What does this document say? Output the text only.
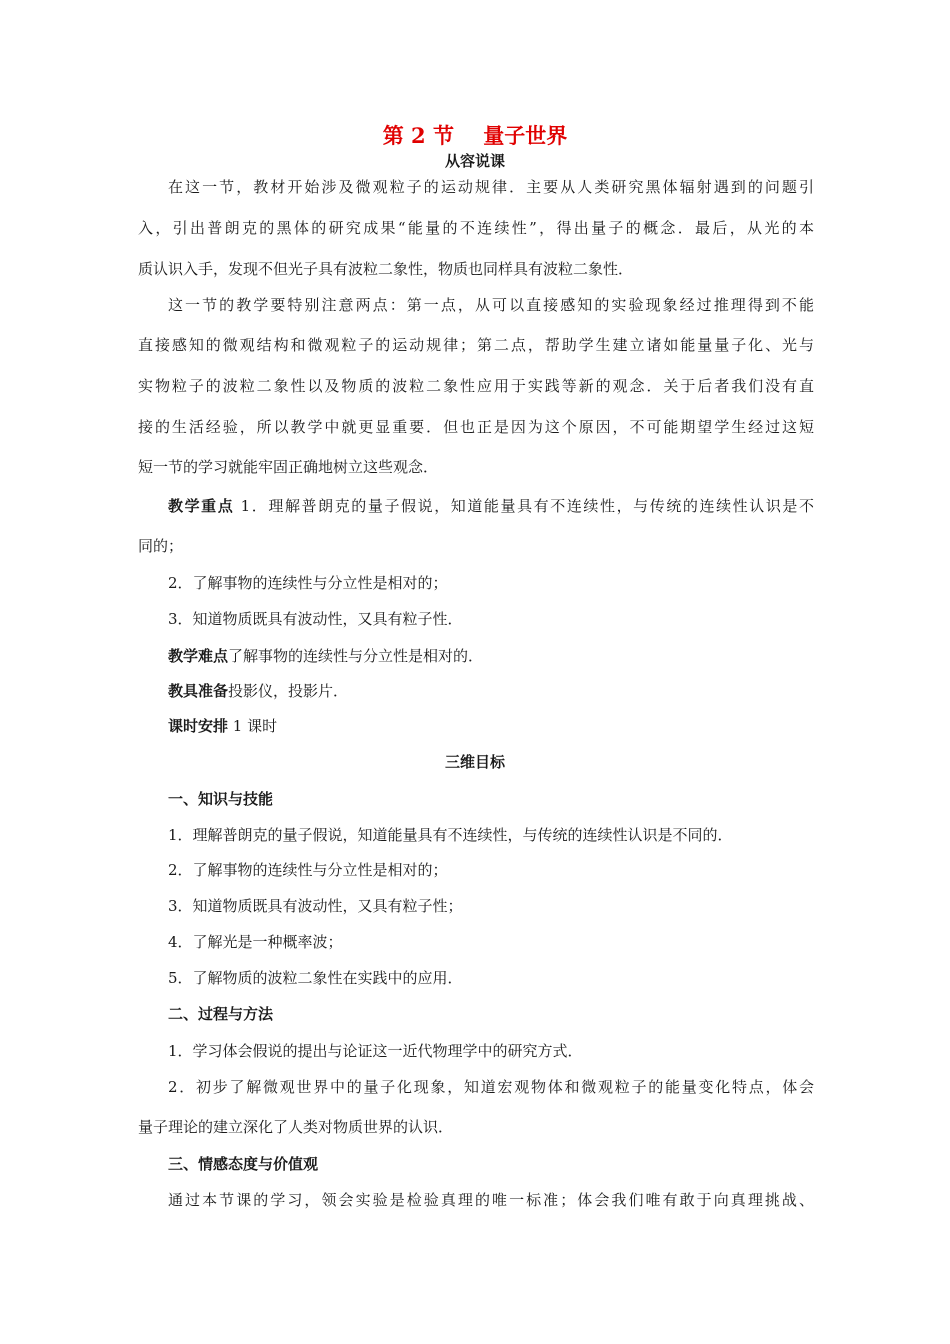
第 2 节    量子世界
从容说课
在这一节，教材开始涉及微观粒子的运动规律．主要从人类研究黑体辐射遇到的问题引
入，引出普朗克的黑体的研究成果“能量的不连续性”，得出量子的概念．最后，从光的本
质认识入手，发现不但光子具有波粒二象性，物质也同样具有波粒二象性．
这一节的教学要特别注意两点：第一点，从可以直接感知的实验现象经过推理得到不能
直接感知的微观结构和微观粒子的运动规律；第二点，帮助学生建立诸如能量量子化、光与
实物粒子的波粒二象性以及物质的波粒二象性应用于实践等新的观念．关于后者我们没有直
接的生活经验，所以教学中就更显重要．但也正是因为这个原因，不可能期望学生经过这短
短一节的学习就能牢固正确地树立这些观念．
教学重点 1．理解普朗克的量子假说，知道能量具有不连续性，与传统的连续性认识是不
同的；
2．了解事物的连续性与分立性是相对的；
3．知道物质既具有波动性，又具有粒子性．
教学难点了解事物的连续性与分立性是相对的．
教具准备投影仪，投影片．
课时安排 1 课时
三维目标
一、知识与技能
1．理解普朗克的量子假说，知道能量具有不连续性，与传统的连续性认识是不同的．
2．了解事物的连续性与分立性是相对的；
3．知道物质既具有波动性，又具有粒子性；
4．了解光是一种概率波；
5．了解物质的波粒二象性在实践中的应用．
二、过程与方法
1．学习体会假说的提出与论证这一近代物理学中的研究方式．
2．初步了解微观世界中的量子化现象，知道宏观物体和微观粒子的能量变化特点，体会
量子理论的建立深化了人类对物质世界的认识．
三、情感态度与价值观
通过本节课的学习，领会实验是检验真理的唯一标准；体会我们唯有敢于向真理挑战、
